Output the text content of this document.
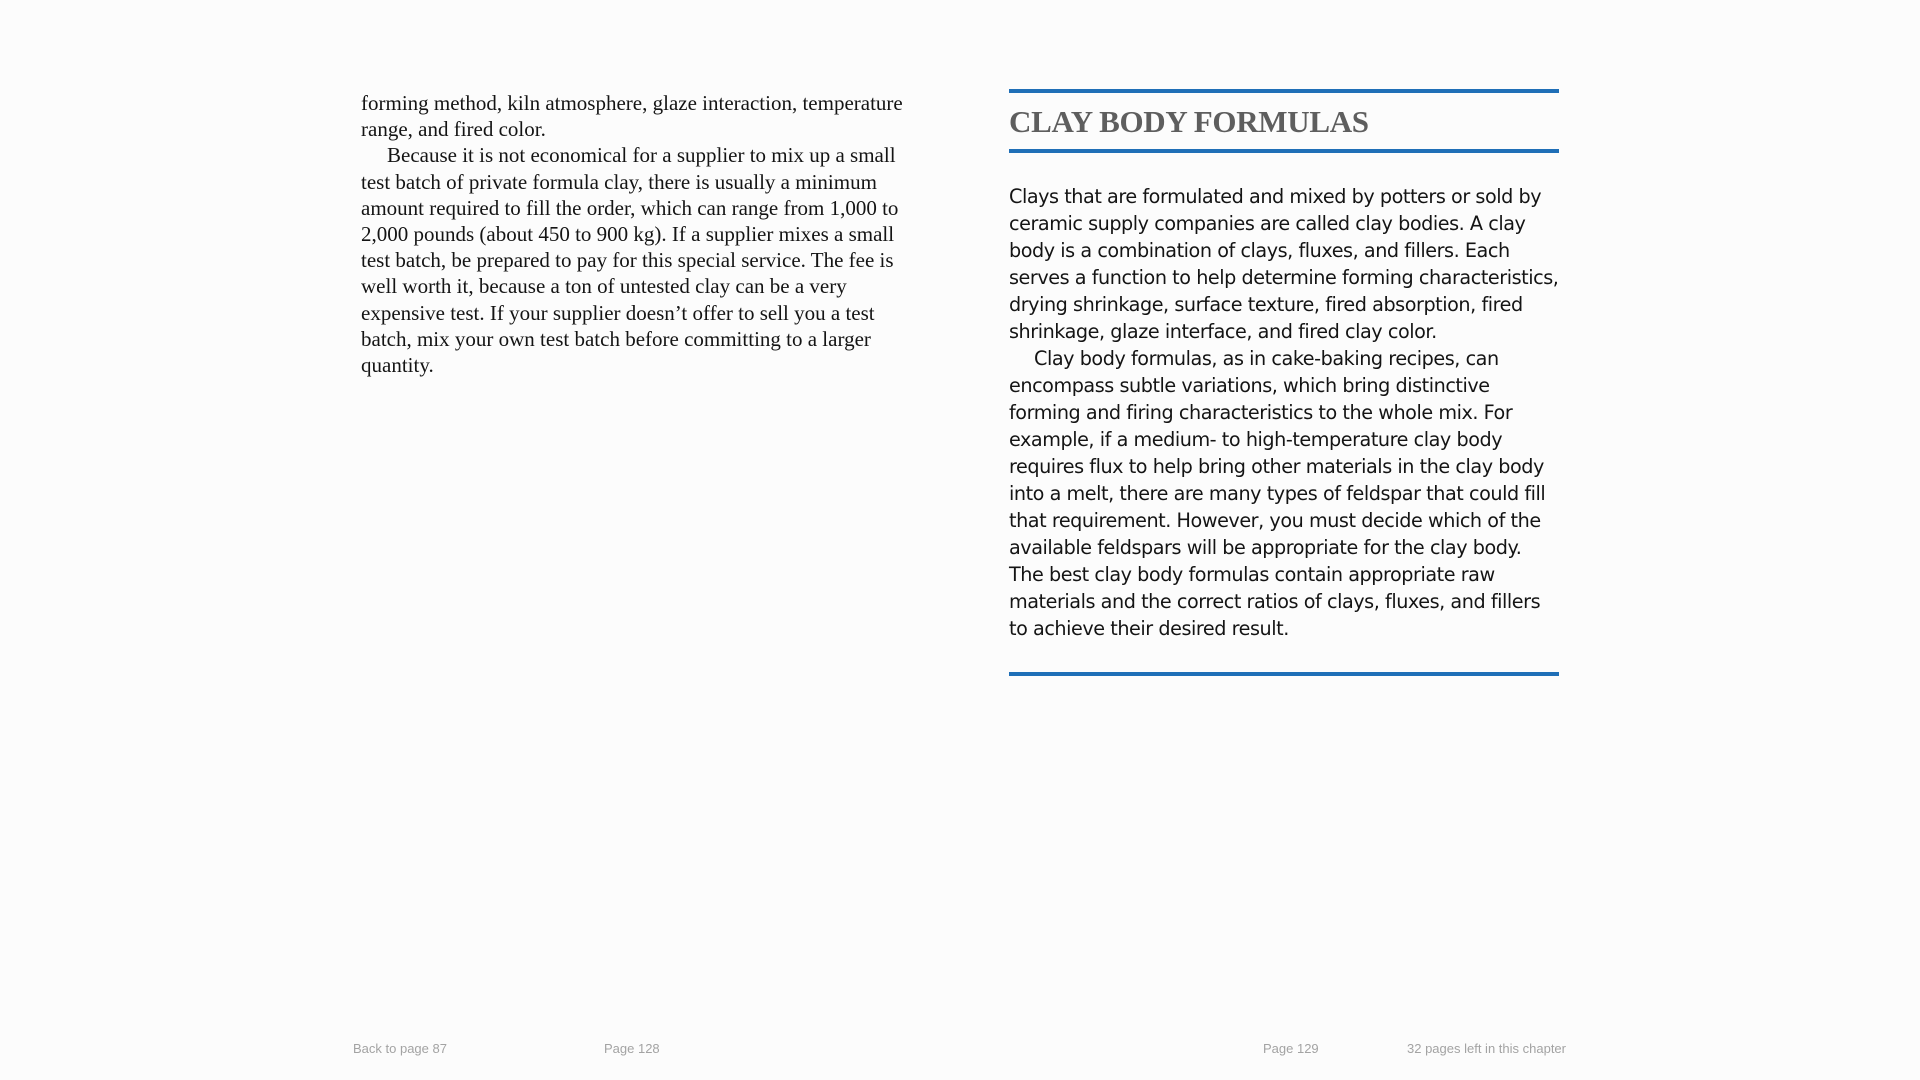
forming method, kiln atmosphere, glaze interaction, temperature range, and fired color.

Because it is not economical for a supplier to mix up a small test batch of private formula clay, there is usually a minimum amount required to fill the order, which can range from 1,000 to 2,000 pounds (about 450 to 900 kg). If a supplier mixes a small test batch, be prepared to pay for this special service. The fee is well worth it, because a ton of untested clay can be a very expensive test. If your supplier doesn’t offer to sell you a test batch, mix your own test batch before committing to a larger quantity.

CLAY BODY FORMULAS

Clays that are formulated and mixed by potters or sold by ceramic supply companies are called clay bodies. A clay body is a combination of clays, fluxes, and fillers. Each serves a function to help determine forming characteristics, drying shrinkage, surface texture, fired absorption, fired shrinkage, glaze interface, and fired clay color.

Clay body formulas, as in cake-baking recipes, can encompass subtle variations, which bring distinctive forming and firing characteristics to the whole mix. For example, if a medium- to high-temperature clay body requires flux to help bring other materials in the clay body into a melt, there are many types of feldspar that could fill that requirement. However, you must decide which of the available feldspars will be appropriate for the clay body. The best clay body formulas contain appropriate raw materials and the correct ratios of clays, fluxes, and fillers to achieve their desired result.

Back to page 87	Page 128	Page 129	32 pages left in this chapter
